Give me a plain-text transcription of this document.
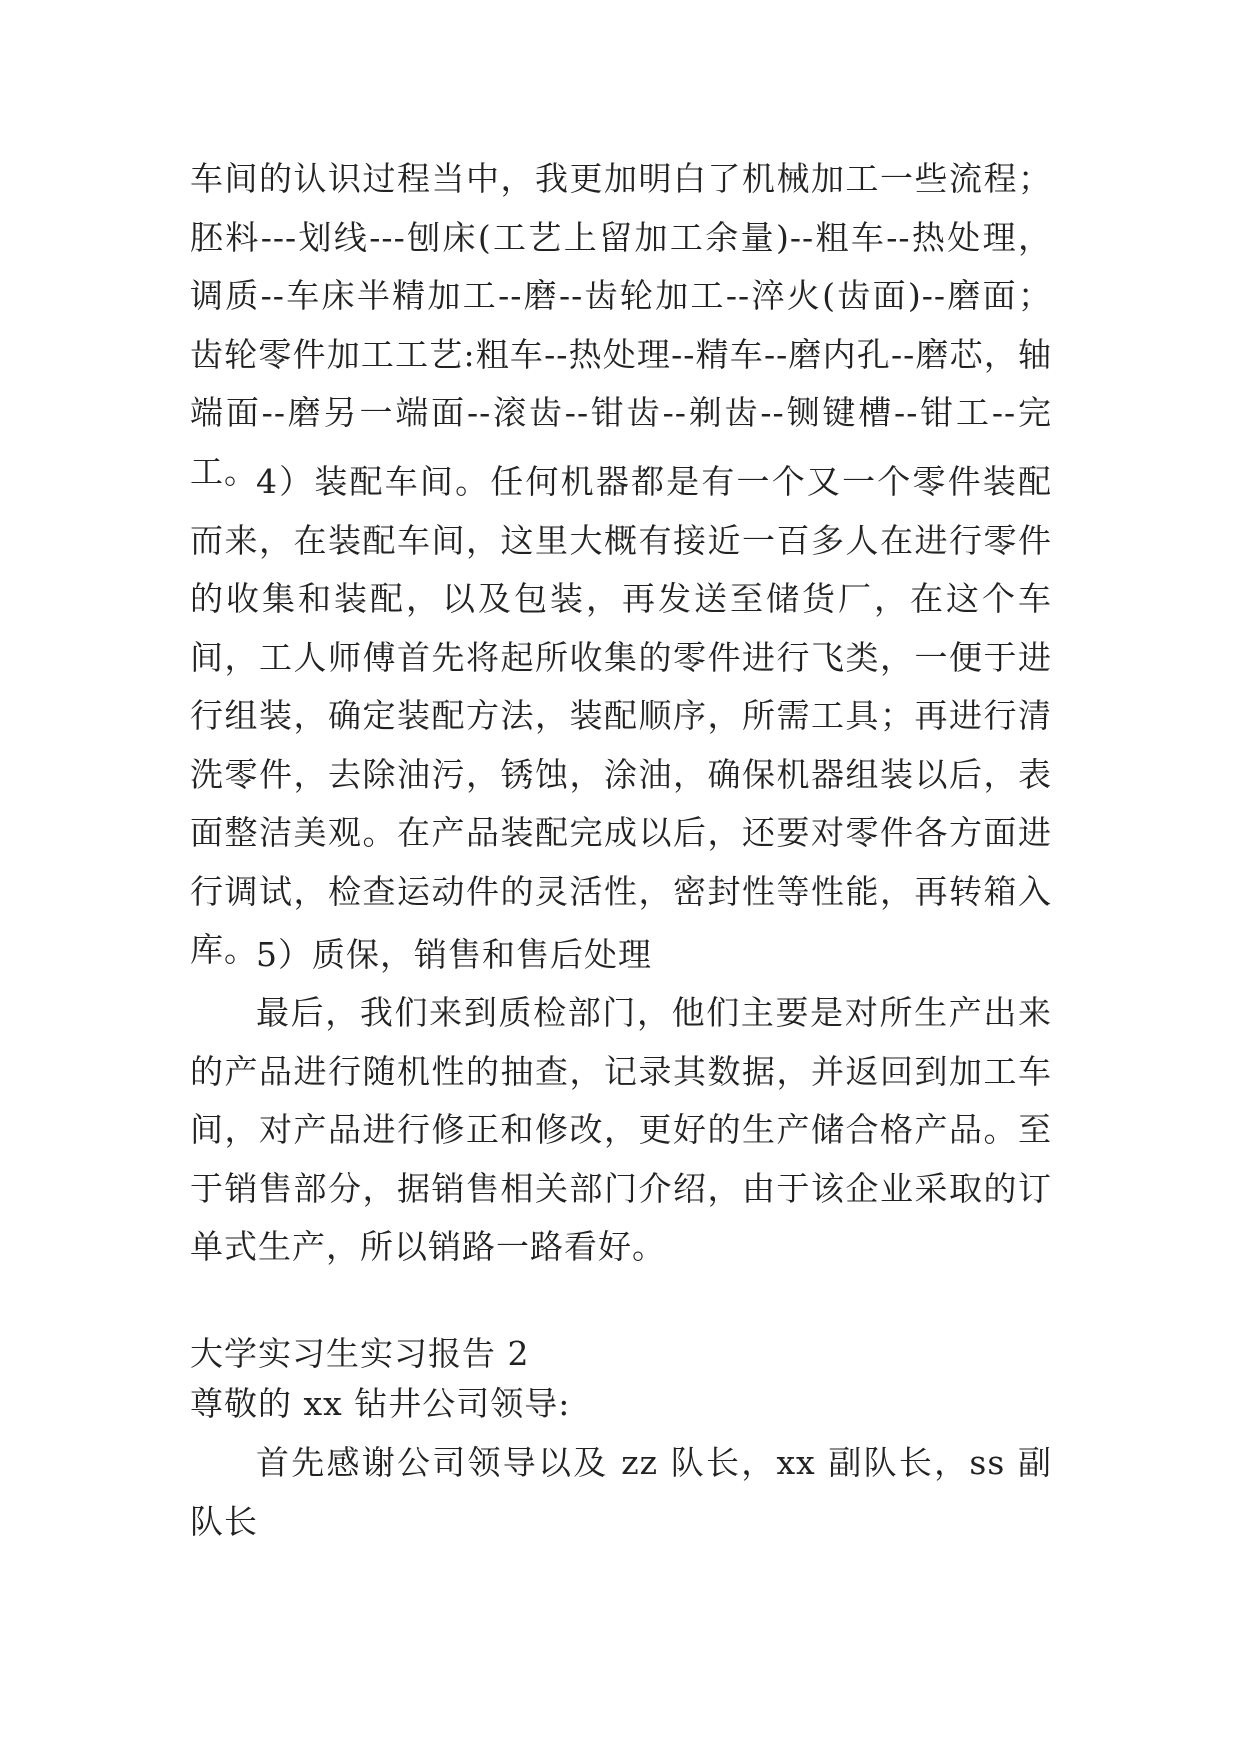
车间的认识过程当中，我更加明白了机械加工一些流程；胚料---划线---刨床(工艺上留加工余量)--粗车--热处理，调质--车床半精加工--磨--齿轮加工--淬火(齿面)--磨面；齿轮零件加工工艺:粗车--热处理--精车--磨内孔--磨芯，轴端面--磨另一端面--滚齿--钳齿--剃齿--铡键槽--钳工--完工。

4）装配车间。任何机器都是有一个又一个零件装配而来，在装配车间，这里大概有接近一百多人在进行零件的收集和装配，以及包装，再发送至储货厂，在这个车间，工人师傅首先将起所收集的零件进行飞类，一便于进行组装，确定装配方法，装配顺序，所需工具；再进行清洗零件，去除油污，锈蚀，涂油，确保机器组装以后，表面整洁美观。在产品装配完成以后，还要对零件各方面进行调试，检查运动件的灵活性，密封性等性能，再转箱入库。

5）质保，销售和售后处理

最后，我们来到质检部门，他们主要是对所生产出来的产品进行随机性的抽查，记录其数据，并返回到加工车间，对产品进行修正和修改，更好的生产储合格产品。至于销售部分，据销售相关部门介绍，由于该企业采取的订单式生产，所以销路一路看好。

大学实习生实习报告 2

尊敬的 xx 钻井公司领导:

首先感谢公司领导以及 zz 队长，xx 副队长，ss 副队长
